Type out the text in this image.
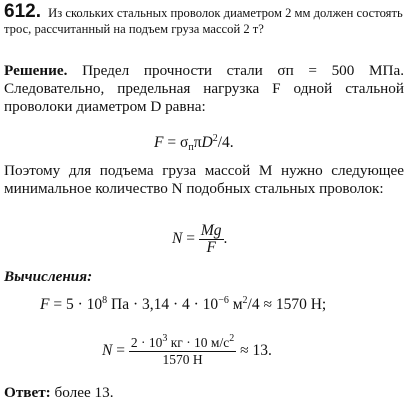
612. Из скольких стальных проволок диаметром 2 мм должен состоять трос, рассчитанный на подъем груза массой 2 т?
Решение. Предел прочности стали σп = 500 МПа. Следовательно, предельная нагрузка F одной стальной проволоки диаметром D равна:
$F = \sigma_п\pi D^2/4$.
Поэтому для подъема груза массой M нужно следующее минимальное количество N подобных стальных проволок:
$N = \frac{Mg}{F}$ .
Вычисления:
$F = 5 \cdot 10^8$ Па · $3,14 \cdot 4 \cdot 10^{-6}$ $м^2/4 \approx 1570$ Н;
$N = \frac{2 \cdot 10^3 кг \cdot 10 м/с^2}{1570 Н} \approx 13$.
Ответ: более 13.
